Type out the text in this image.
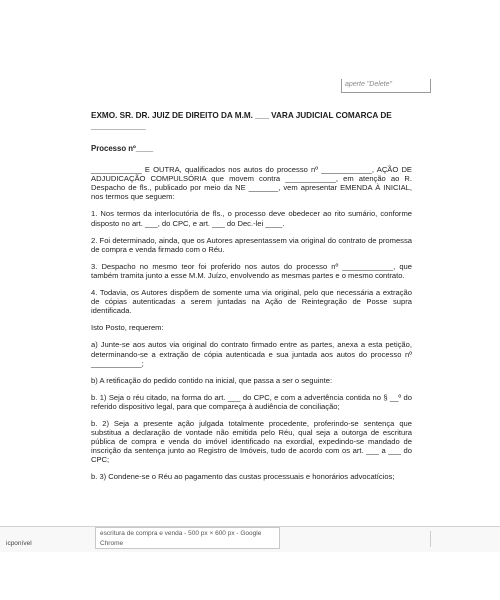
aperte "Delete"

EXMO. SR. DR. JUIZ DE DIREITO DA M.M. ___ VARA JUDICIAL COMARCA DE ____________

Processo nº____

____________ E OUTRA, qualificados nos autos do processo nº ____________, AÇÃO DE ADJUDICAÇÃO COMPULSÓRIA que movem contra ____________, em atenção ao R. Despacho de fls., publicado por meio da NE _______, vem apresentar EMENDA À INICIAL, nos termos que seguem:

1. Nos termos da interlocutória de fls., o processo deve obedecer ao rito sumário, conforme disposto no art. ___, do CPC, e art. ___ do Dec.-lei ____.

2. Foi determinado, ainda, que os Autores apresentassem via original do contrato de promessa de compra e venda firmado com o Réu.

3. Despacho no mesmo teor foi proferido nos autos do processo nº ____________, que também tramita junto a esse M.M. Juízo, envolvendo as mesmas partes e o mesmo contrato.

4. Todavia, os Autores dispõem de somente uma via original, pelo que necessária a extração de cópias autenticadas a serem juntadas na Ação de Reintegração de Posse supra identificada.

Isto Posto, requerem:

a) Junte-se aos autos via original do contrato firmado entre as partes, anexa a esta petição, determinando-se a extração de cópia autenticada e sua juntada aos autos do processo nº ____________;

b) A retificação do pedido contido na inicial, que passa a ser o seguinte:

b. 1) Seja o réu citado, na forma do art. ___ do CPC, e com a advertência contida no § __º do referido dispositivo legal, para que compareça à audiência de conciliação;

b. 2) Seja a presente ação julgada totalmente procedente, proferindo-se sentença que substitua a declaração de vontade não emitida pelo Réu, qual seja a outorga de escritura pública de compra e venda do imóvel identificado na exordial, expedindo-se mandado de inscrição da sentença junto ao Registro de Imóveis, tudo de acordo com os art. ___ a ___ do CPC;

b. 3) Condene-se o Réu ao pagamento das custas processuais e honorários advocatícios;

icponível
escritura de compra e venda - 500 px × 600 px - Google
Chrome
